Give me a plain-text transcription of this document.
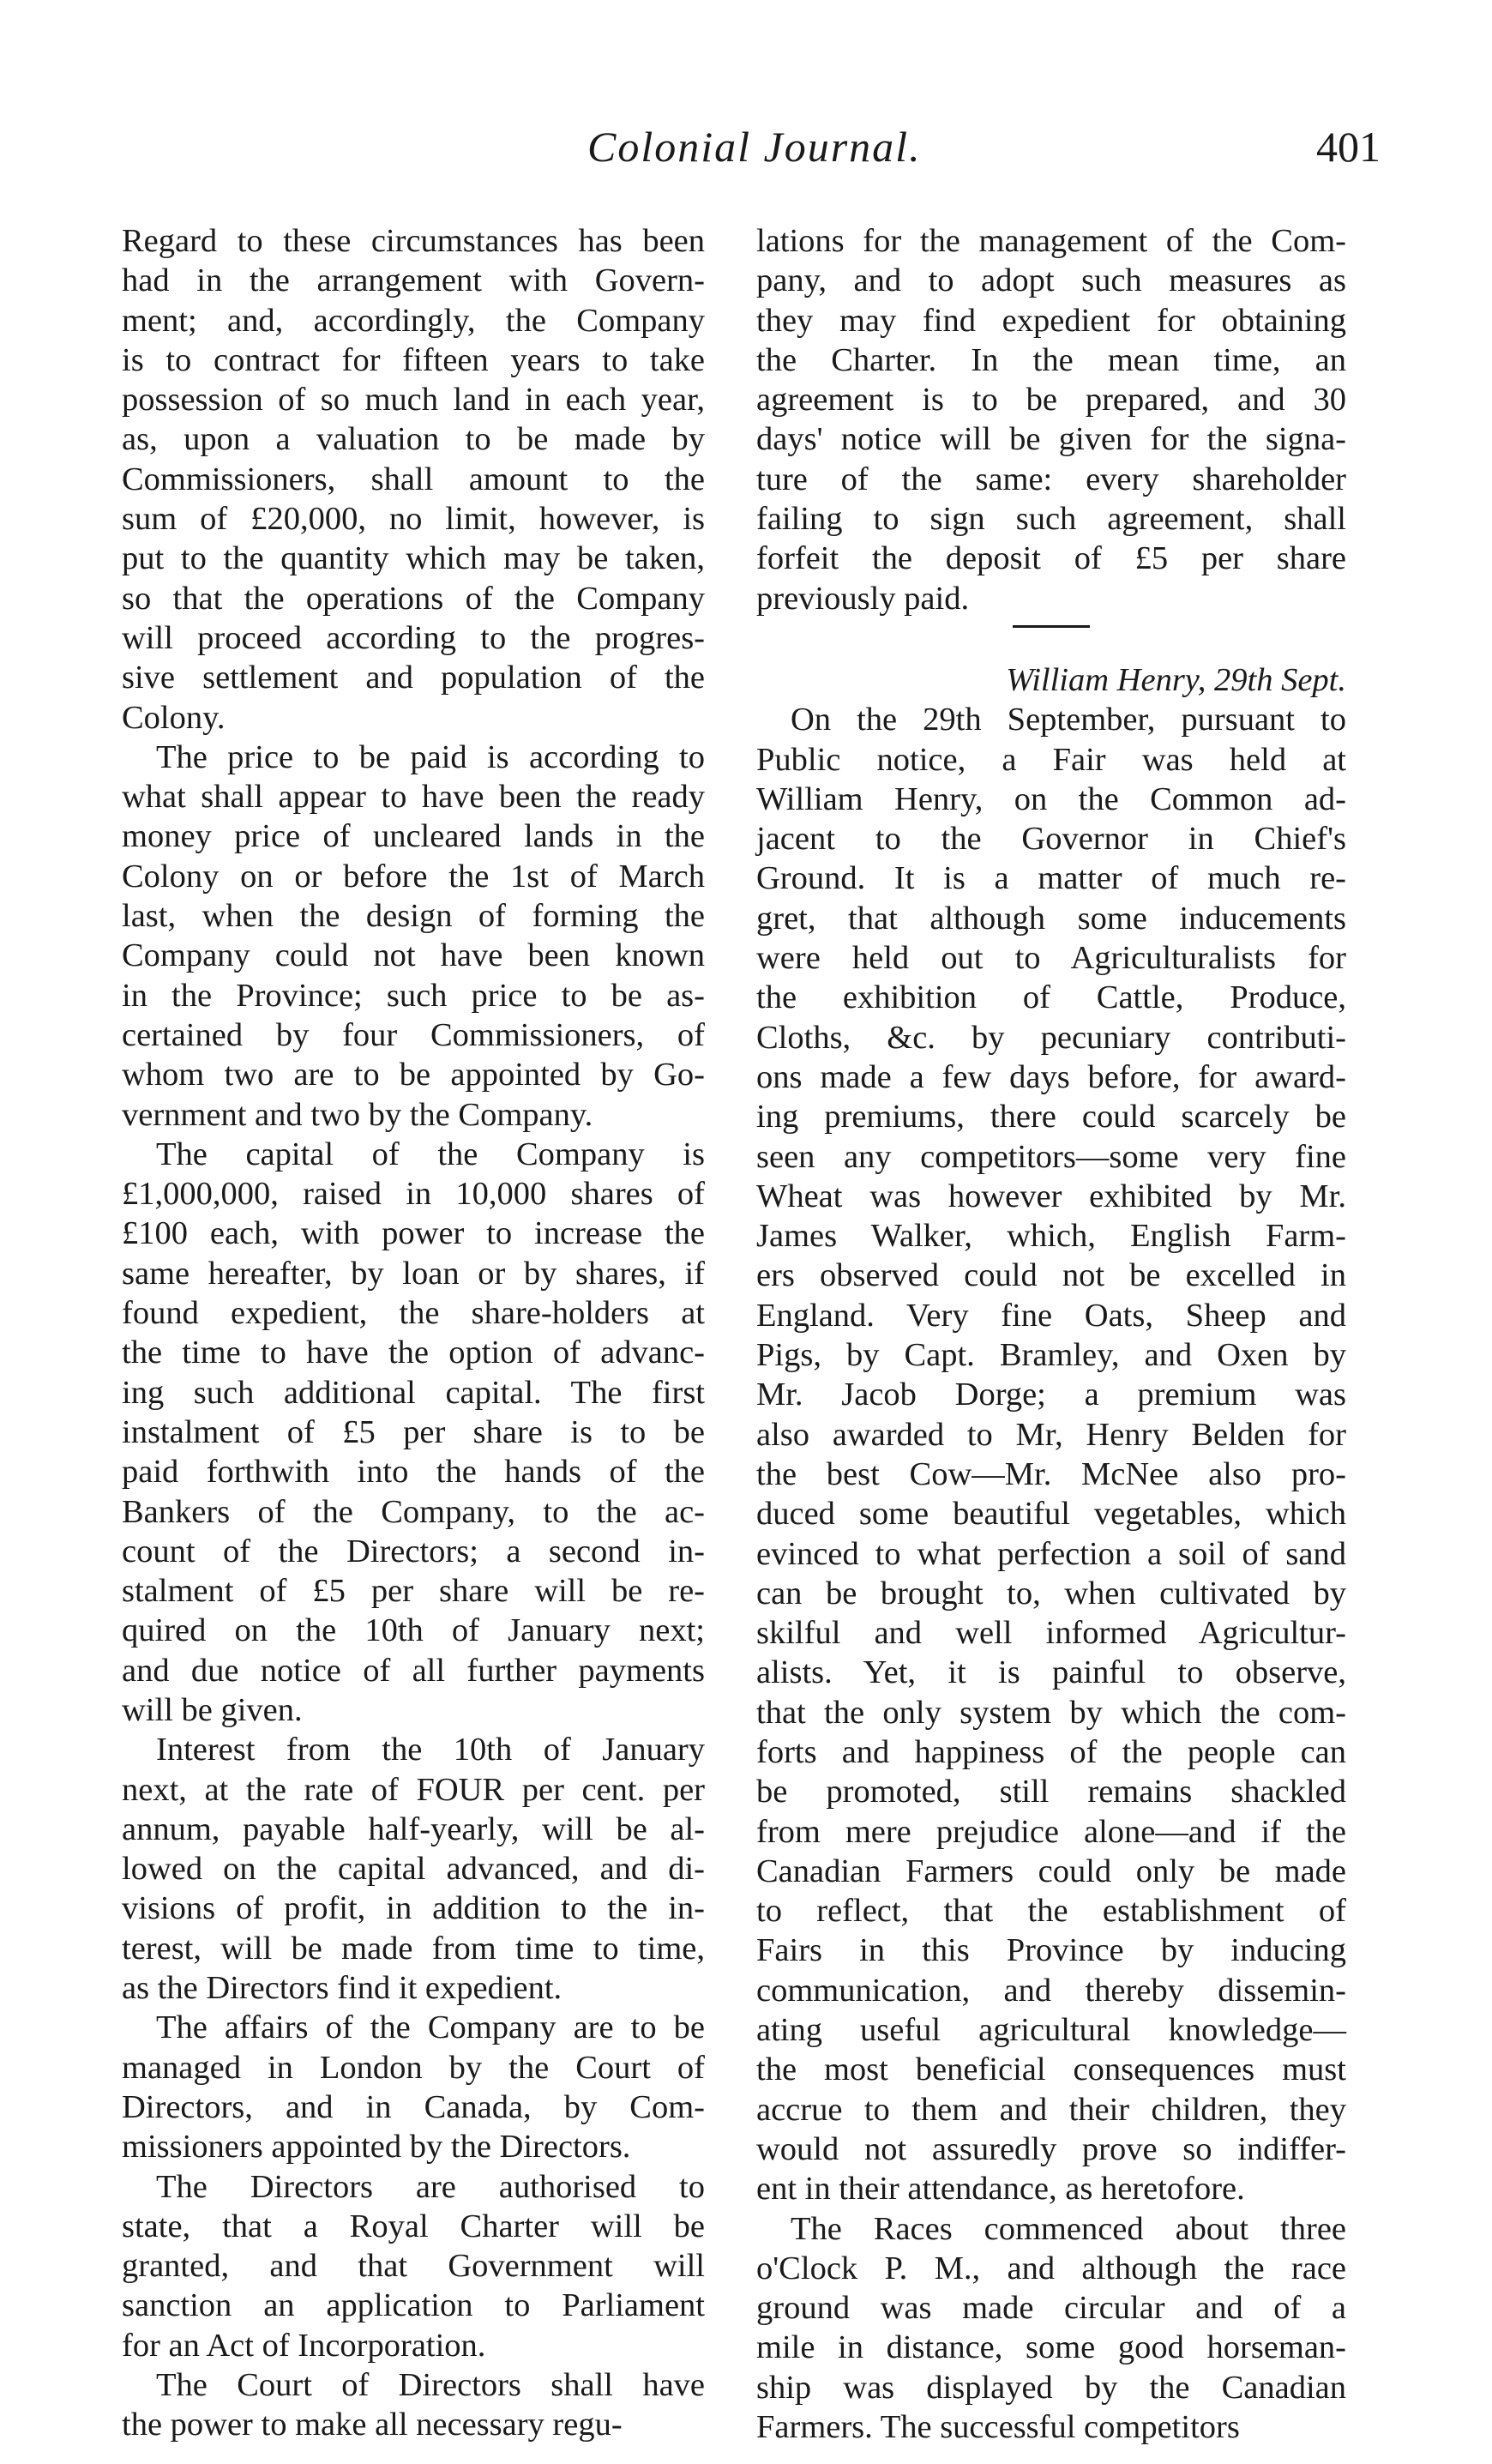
Colonial Journal.	401
Regard to these circumstances has been
had in the arrangement with Govern-
ment; and, accordingly, the Company
is to contract for fifteen years to take
possession of so much land in each year,
as, upon a valuation to be made by
Commissioners, shall amount to the
sum of £20,000, no limit, however, is
put to the quantity which may be taken,
so that the operations of the Company
will proceed according to the progres-
sive settlement and population of the
Colony.
The price to be paid is according to
what shall appear to have been the ready
money price of uncleared lands in the
Colony on or before the 1st of March
last, when the design of forming the
Company could not have been known
in the Province; such price to be as-
certained by four Commissioners, of
whom two are to be appointed by Go-
vernment and two by the Company.
The capital of the Company is
£1,000,000, raised in 10,000 shares of
£100 each, with power to increase the
same hereafter, by loan or by shares, if
found expedient, the share-holders at
the time to have the option of advanc-
ing such additional capital. The first
instalment of £5 per share is to be
paid forthwith into the hands of the
Bankers of the Company, to the ac-
count of the Directors; a second in-
stalment of £5 per share will be re-
quired on the 10th of January next;
and due notice of all further payments
will be given.
Interest from the 10th of January
next, at the rate of FOUR per cent. per
annum, payable half-yearly, will be al-
lowed on the capital advanced, and di-
visions of profit, in addition to the in-
terest, will be made from time to time,
as the Directors find it expedient.
The affairs of the Company are to be
managed in London by the Court of
Directors, and in Canada, by Com-
missioners appointed by the Directors.
The Directors are authorised to
state, that a Royal Charter will be
granted, and that Government will
sanction an application to Parliament
for an Act of Incorporation.
The Court of Directors shall have
the power to make all necessary regu-
lations for the management of the Com-
pany, and to adopt such measures as
they may find expedient for obtaining
the Charter. In the mean time, an
agreement is to be prepared, and 30
days' notice will be given for the signa-
ture of the same: every shareholder
failing to sign such agreement, shall
forfeit the deposit of £5 per share
previously paid.
William Henry, 29th Sept.
On the 29th September, pursuant to
Public notice, a Fair was held at
William Henry, on the Common ad-
jacent to the Governor in Chief's
Ground. It is a matter of much re-
gret, that although some inducements
were held out to Agriculturalists for
the exhibition of Cattle, Produce,
Cloths, &c. by pecuniary contributi-
ons made a few days before, for award-
ing premiums, there could scarcely be
seen any competitors—some very fine
Wheat was however exhibited by Mr.
James Walker, which, English Farm-
ers observed could not be excelled in
England. Very fine Oats, Sheep and
Pigs, by Capt. Bramley, and Oxen by
Mr. Jacob Dorge; a premium was
also awarded to Mr, Henry Belden for
the best Cow—Mr. McNee also pro-
duced some beautiful vegetables, which
evinced to what perfection a soil of sand
can be brought to, when cultivated by
skilful and well informed Agricultur-
alists. Yet, it is painful to observe,
that the only system by which the com-
forts and happiness of the people can
be promoted, still remains shackled
from mere prejudice alone—and if the
Canadian Farmers could only be made
to reflect, that the establishment of
Fairs in this Province by inducing
communication, and thereby dissemin-
ating useful agricultural knowledge—
the most beneficial consequences must
accrue to them and their children, they
would not assuredly prove so indiffer-
ent in their attendance, as heretofore.
The Races commenced about three
o'Clock P. M., and although the race
ground was made circular and of a
mile in distance, some good horseman-
ship was displayed by the Canadian
Farmers. The successful competitors
